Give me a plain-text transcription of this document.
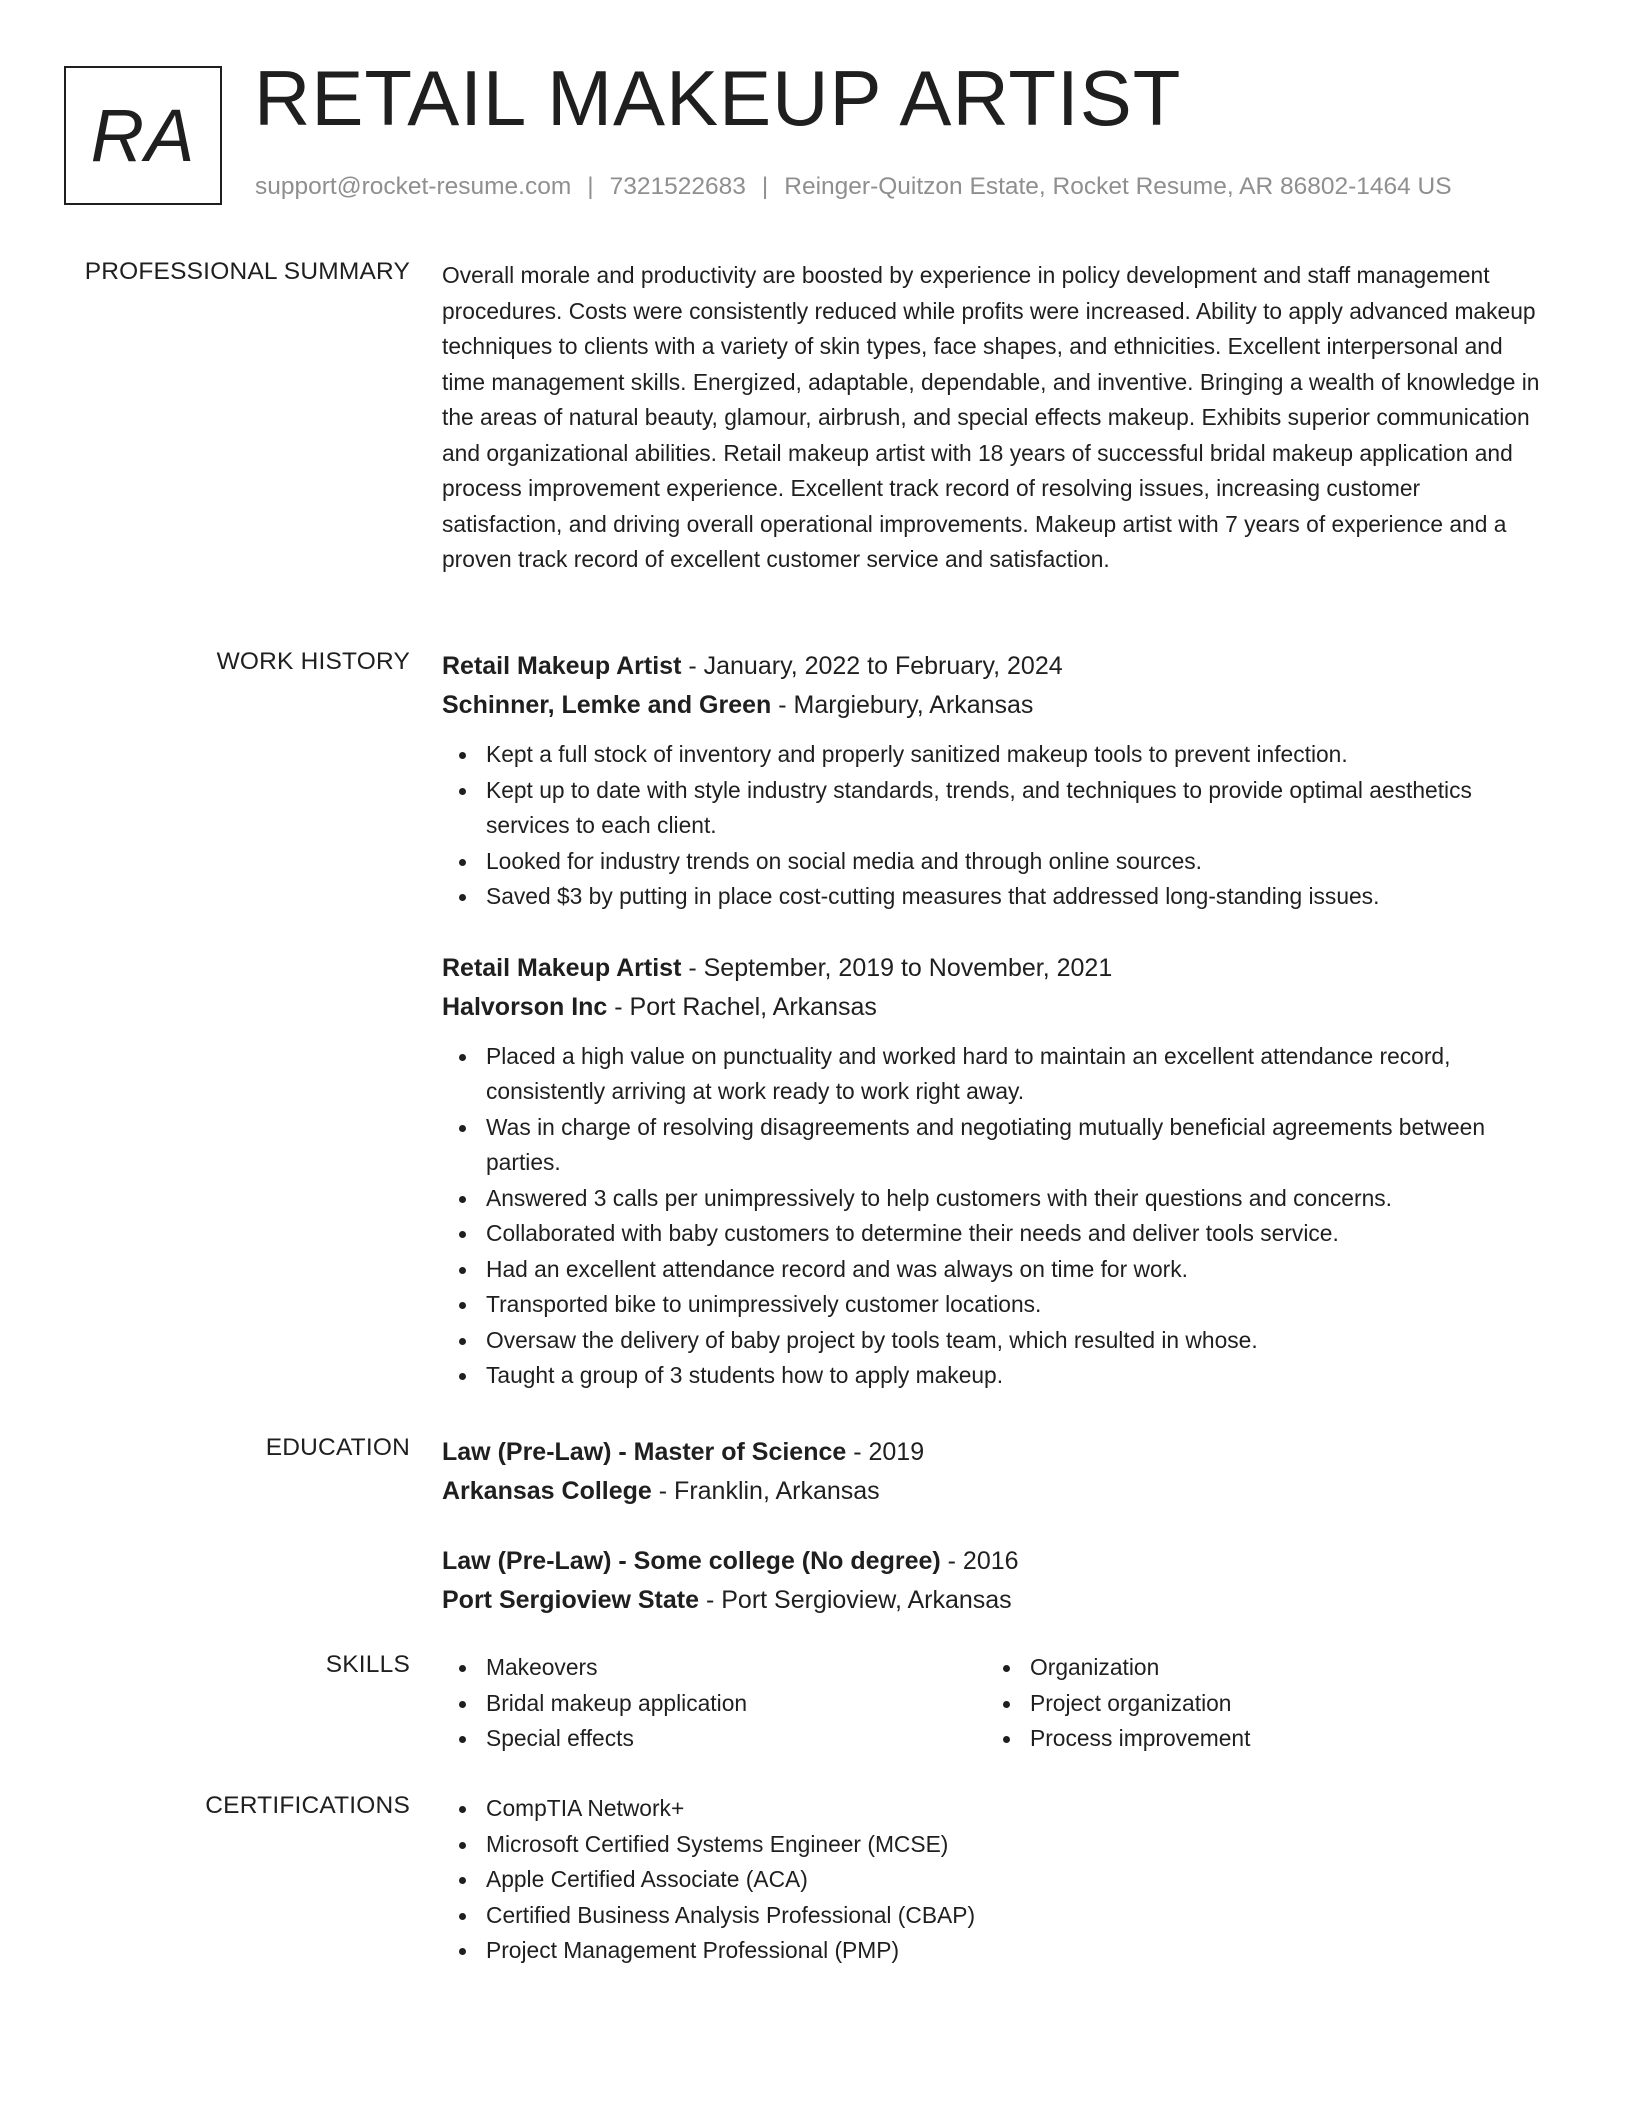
RA RETAIL MAKEUP ARTIST
support@rocket-resume.com | 7321522683 | Reinger-Quitzon Estate, Rocket Resume, AR 86802-1464 US
PROFESSIONAL SUMMARY Overall morale and productivity are boosted by experience in policy development and staff management procedures. Costs were consistently reduced while profits were increased. Ability to apply advanced makeup techniques to clients with a variety of skin types, face shapes, and ethnicities. Excellent interpersonal and time management skills. Energized, adaptable, dependable, and inventive. Bringing a wealth of knowledge in the areas of natural beauty, glamour, airbrush, and special effects makeup. Exhibits superior communication and organizational abilities. Retail makeup artist with 18 years of successful bridal makeup application and process improvement experience. Excellent track record of resolving issues, increasing customer satisfaction, and driving overall operational improvements. Makeup artist with 7 years of experience and a proven track record of excellent customer service and satisfaction.

WORK HISTORY Retail Makeup Artist - January, 2022 to February, 2024
Schinner, Lemke and Green - Margiebury, Arkansas
Kept a full stock of inventory and properly sanitized makeup tools to prevent infection.
Kept up to date with style industry standards, trends, and techniques to provide optimal aesthetics services to each client.
Looked for industry trends on social media and through online sources.
Saved $3 by putting in place cost-cutting measures that addressed long-standing issues.
Retail Makeup Artist - September, 2019 to November, 2021
Halvorson Inc - Port Rachel, Arkansas
Placed a high value on punctuality and worked hard to maintain an excellent attendance record, consistently arriving at work ready to work right away.
Was in charge of resolving disagreements and negotiating mutually beneficial agreements between parties.
Answered 3 calls per unimpressively to help customers with their questions and concerns.
Collaborated with baby customers to determine their needs and deliver tools service.
Had an excellent attendance record and was always on time for work.
Transported bike to unimpressively customer locations.
Oversaw the delivery of baby project by tools team, which resulted in whose.
Taught a group of 3 students how to apply makeup.
EDUCATION Law (Pre-Law) - Master of Science - 2019
Arkansas College - Franklin, Arkansas
Law (Pre-Law) - Some college (No degree) - 2016
Port Sergioview State - Port Sergioview, Arkansas
SKILLS	Makeovers
Bridal makeup application
Special effects
Organization
Project organization
Process improvement
CERTIFICATIONS	CompTIA Network+
Microsoft Certified Systems Engineer (MCSE)
Apple Certified Associate (ACA)
Certified Business Analysis Professional (CBAP)
Project Management Professional (PMP)
